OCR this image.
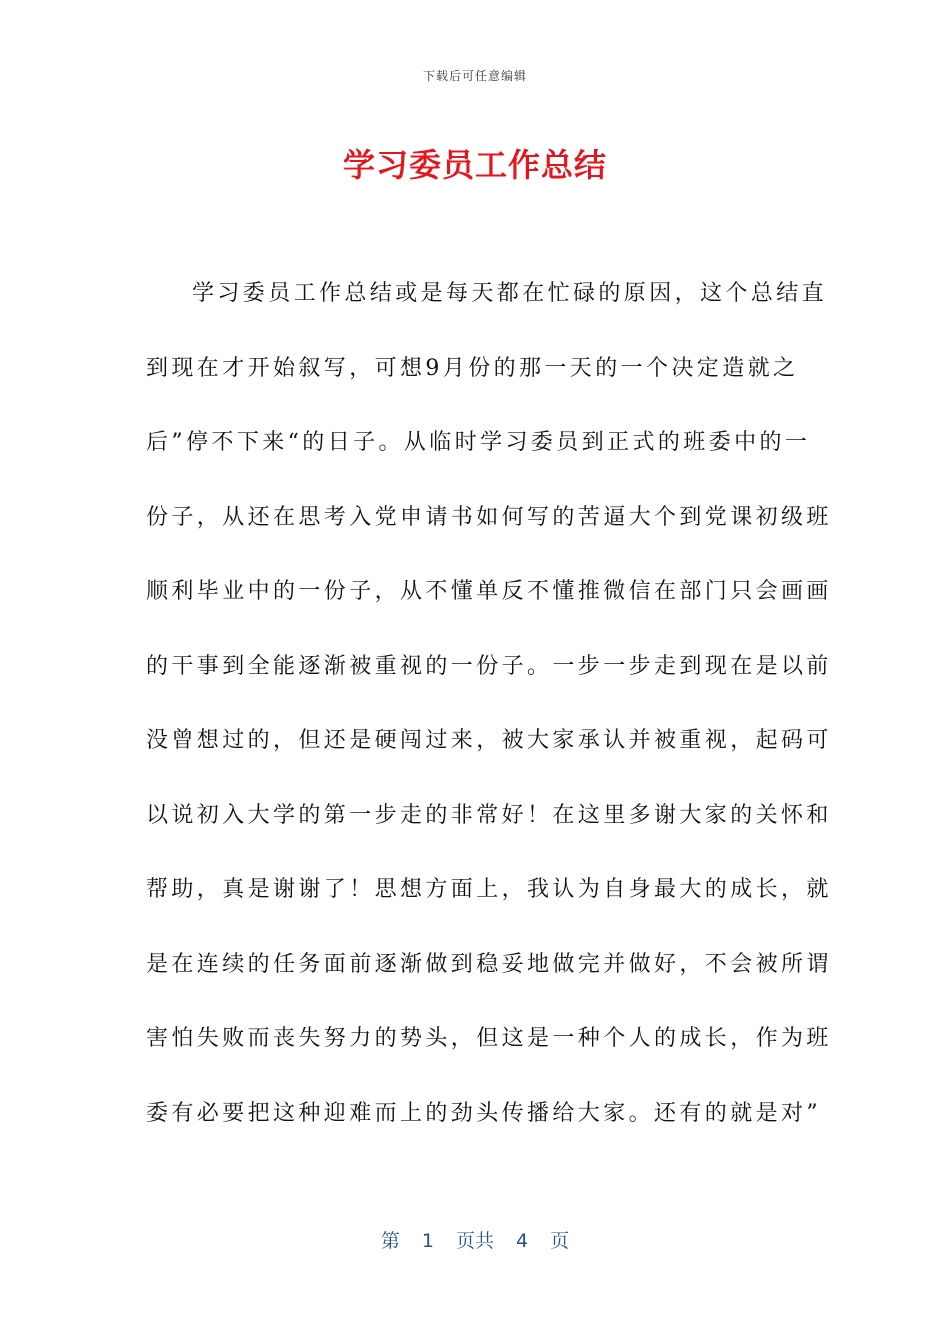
下载后可任意编辑
学习委员工作总结
学习委员工作总结或是每天都在忙碌的原因，这个总结直
到现在才开始叙写，可想9月份的那一天的一个决定造就之
后”停不下来“的日子。从临时学习委员到正式的班委中的一
份子，从还在思考入党申请书如何写的苦逼大个到党课初级班
顺利毕业中的一份子，从不懂单反不懂推微信在部门只会画画
的干事到全能逐渐被重视的一份子。一步一步走到现在是以前
没曾想过的，但还是硬闯过来，被大家承认并被重视，起码可
以说初入大学的第一步走的非常好！在这里多谢大家的关怀和
帮助，真是谢谢了！思想方面上，我认为自身最大的成长，就
是在连续的任务面前逐渐做到稳妥地做完并做好，不会被所谓
害怕失败而丧失努力的势头，但这是一种个人的成长，作为班
委有必要把这种迎难而上的劲头传播给大家。还有的就是对”
第 1 页共 4 页
